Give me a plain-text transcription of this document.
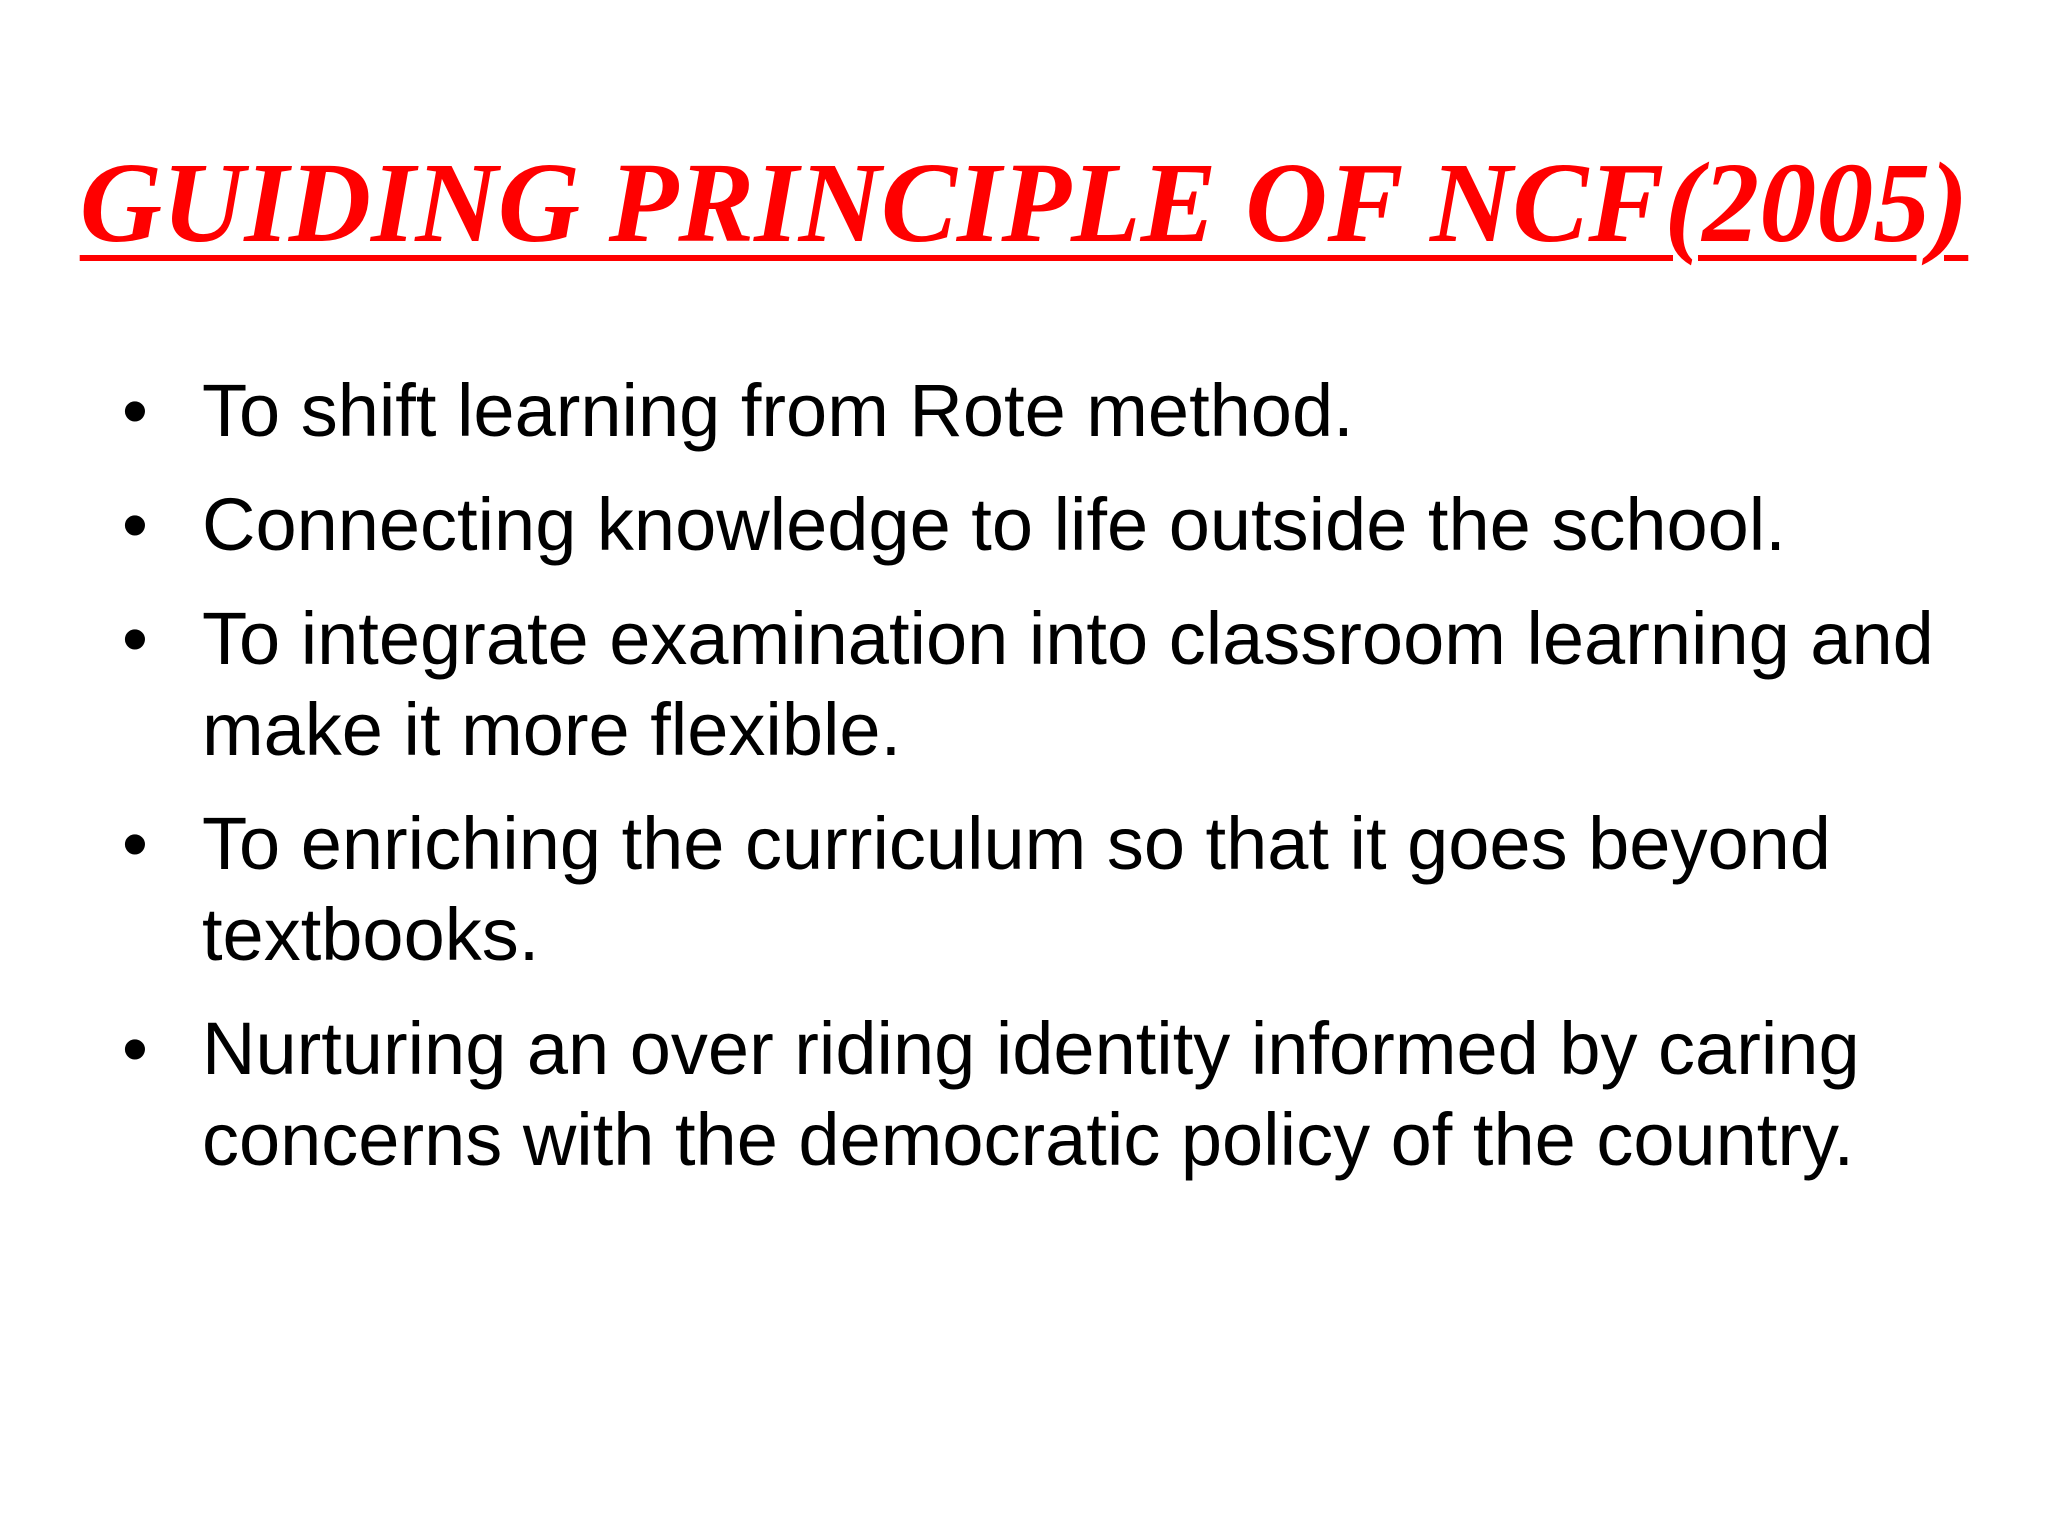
GUIDING PRINCIPLE OF NCF(2005)
• To shift learning from Rote method.
• Connecting knowledge to life outside the school.
• To integrate examination into classroom learning and make it more flexible.
• To enriching the curriculum so that it goes beyond textbooks.
• Nurturing an over riding identity informed by caring concerns with the democratic policy of the country.
